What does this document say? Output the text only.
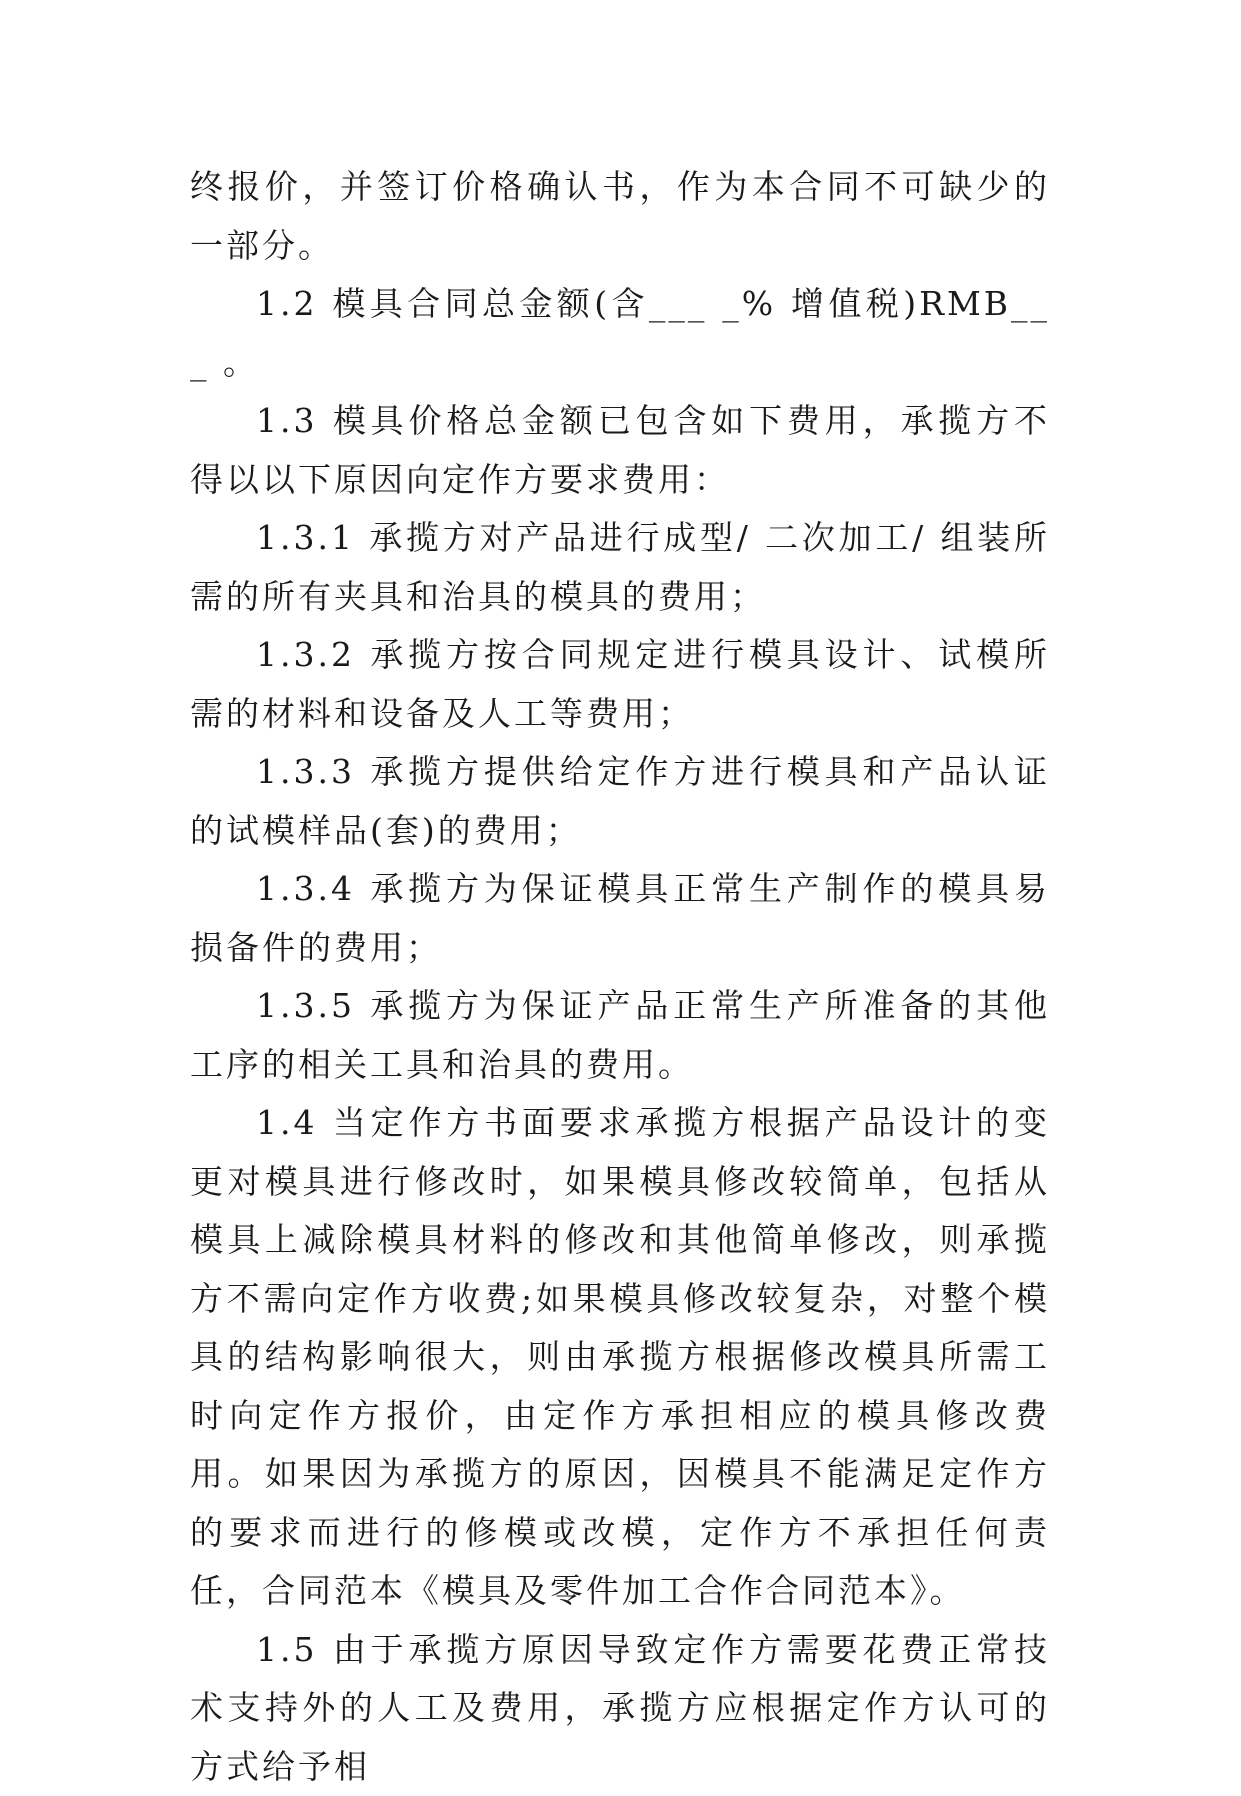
终报价，并签订价格确认书，作为本合同不可缺少的一部分。

1.2 模具合同总金额(含___ _% 增值税)RMB__ _ 。

1.3 模具价格总金额已包含如下费用，承揽方不得以以下原因向定作方要求费用：

1.3.1 承揽方对产品进行成型/ 二次加工/ 组装所需的所有夹具和治具的模具的费用；

1.3.2 承揽方按合同规定进行模具设计、试模所需的材料和设备及人工等费用；

1.3.3 承揽方提供给定作方进行模具和产品认证的试模样品(套)的费用；

1.3.4 承揽方为保证模具正常生产制作的模具易损备件的费用；

1.3.5 承揽方为保证产品正常生产所准备的其他工序的相关工具和治具的费用。

1.4 当定作方书面要求承揽方根据产品设计的变更对模具进行修改时，如果模具修改较简单，包括从模具上减除模具材料的修改和其他简单修改，则承揽方不需向定作方收费;如果模具修改较复杂，对整个模具的结构影响很大，则由承揽方根据修改模具所需工时向定作方报价，由定作方承担相应的模具修改费用。如果因为承揽方的原因，因模具不能满足定作方的要求而进行的修模或改模，定作方不承担任何责任，合同范本《模具及零件加工合作合同范本》。

1.5 由于承揽方原因导致定作方需要花费正常技术支持外的人工及费用，承揽方应根据定作方认可的方式给予相
